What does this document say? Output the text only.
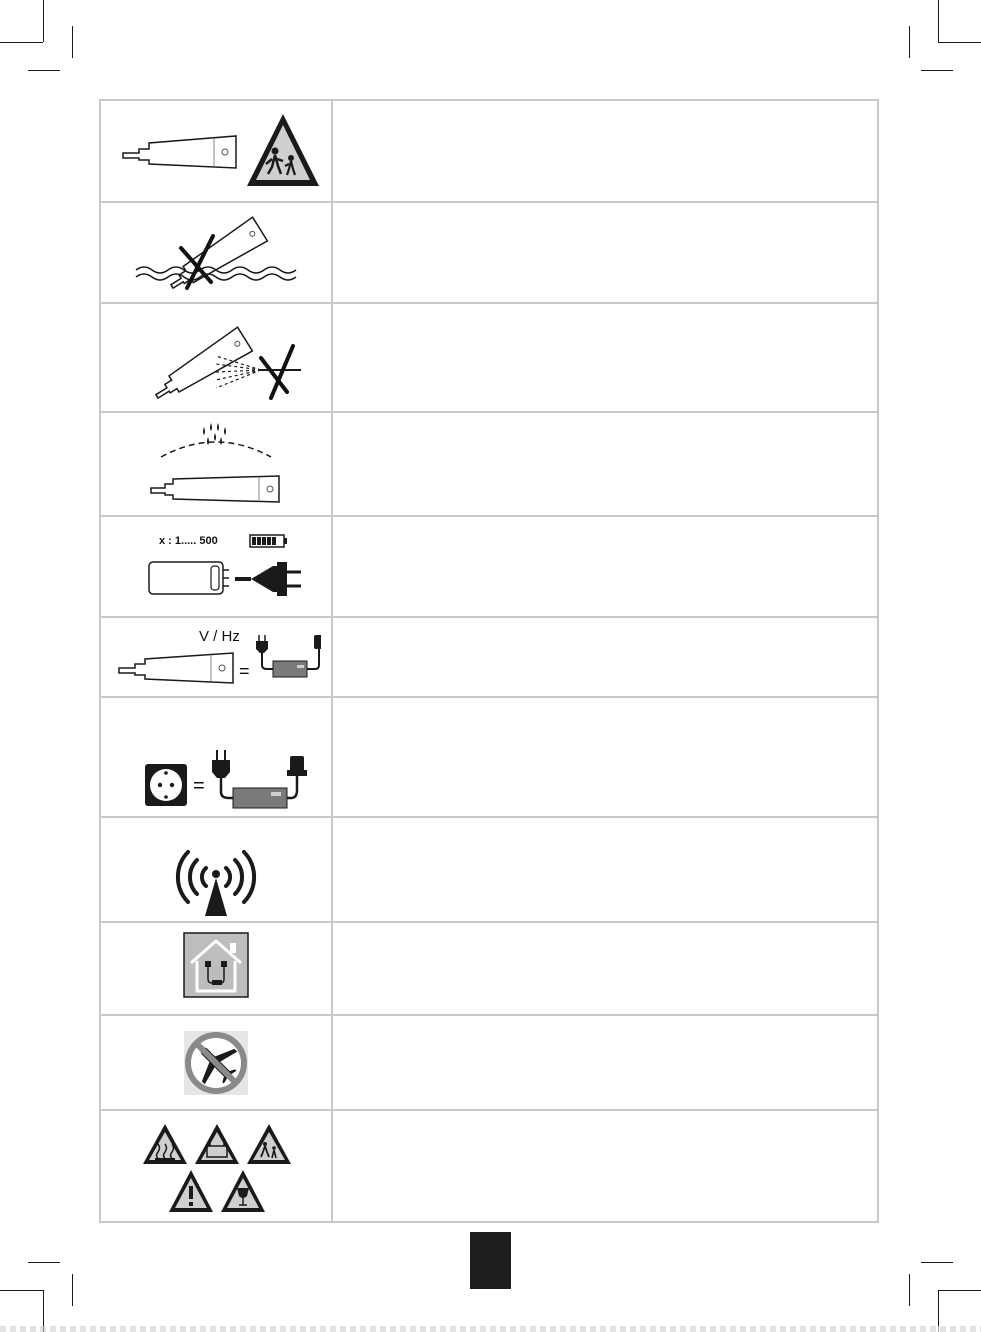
x : 1..... 500	

V / Hz
=	

=	
